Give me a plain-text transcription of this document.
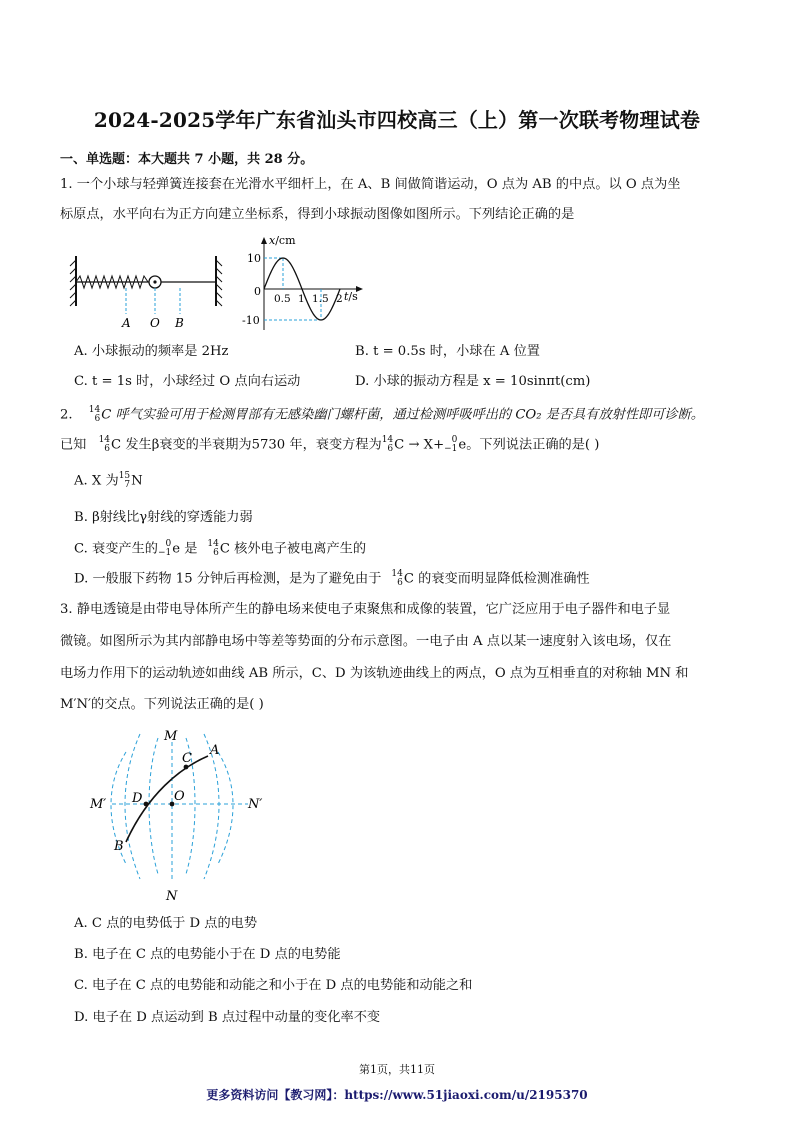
2024-2025学年广东省汕头市四校高三（上）第一次联考物理试卷
一、单选题：本大题共 7 小题，共 28 分。
1. 一个小球与轻弹簧连接套在光滑水平细杆上，在 A、B 间做简谐运动，O 点为 AB 的中点。以 O 点为坐
标原点，水平向右为正方向建立坐标系，得到小球振动图像如图所示。下列结论正确的是
A O B
x/cm
t/s
10
-10
0
0.5 1 1.5 2
A. 小球振动的频率是 2Hz	B. t = 0.5s 时，小球在 A 位置
C. t = 1s 时，小球经过 O 点向右运动	D. 小球的振动方程是 x = 10sinπt(cm)
2. 14
6 C 呼气实验可用于检测胃部有无感染幽门螺杆菌，通过检测呼吸呼出的 CO₂ 是否具有放射性即可诊断。
已知 14
6 C 发生β衰变的半衰期为5730 年，衰变方程为 14
6 C → X+ 0
−1 e。下列说法正确的是( )
A. X 为 15
7 N
B. β射线比γ射线的穿透能力弱
C. 衰变产生的 0
−1 e 是 14
6 C 核外电子被电离产生的
D. 一般服下药物 15 分钟后再检测，是为了避免由于 14
6 C 的衰变而明显降低检测准确性
3. 静电透镜是由带电导体所产生的静电场来使电子束聚焦和成像的装置，它广泛应用于电子器件和电子显
微镜。如图所示为其内部静电场中等差等势面的分布示意图。一电子由 A 点以某一速度射入该电场，仅在
电场力作用下的运动轨迹如曲线 AB 所示，C、D 为该轨迹曲线上的两点，O 点为互相垂直的对称轴 MN 和
M′N′的交点。下列说法正确的是( )
M
N
M′	N′
A
B
C
D O
A. C 点的电势低于 D 点的电势
B. 电子在 C 点的电势能小于在 D 点的电势能
C. 电子在 C 点的电势能和动能之和小于在 D 点的电势能和动能之和
D. 电子在 D 点运动到 B 点过程中动量的变化率不变
第1页，共11页
更多资料访问【教习网】：https://www.51jiaoxi.com/u/2195370
